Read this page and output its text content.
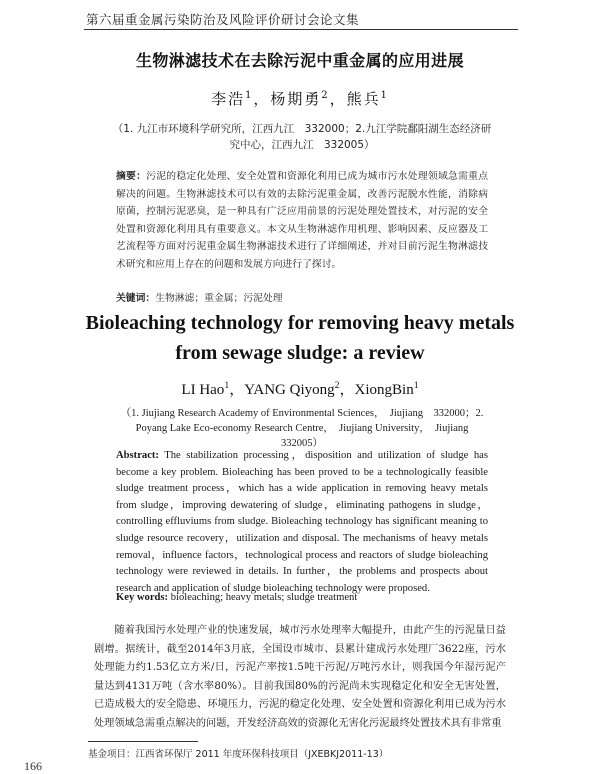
第六届重金属污染防治及风险评价研讨会论文集
生物淋滤技术在去除污泥中重金属的应用进展
李浩$^1$，杨期勇$^2$，熊兵$^1$
（1. 九江市环境科学研究所，江西九江　332000；2.九江学院鄱阳湖生态经济研究中心，江西九江　332005）
摘要：污泥的稳定化处理、安全处置和资源化利用已成为城市污水处理领域急需重点解决的问题。生物淋滤技术可以有效的去除污泥重金属，改善污泥脱水性能，消除病原菌，控制污泥恶臭，是一种具有广泛应用前景的污泥处理处置技术，对污泥的安全处置和资源化利用具有重要意义。本文从生物淋滤作用机理、影响因素、反应器及工艺流程等方面对污泥重金属生物淋滤技术进行了详细阐述，并对目前污泥生物淋滤技术研究和应用上存在的问题和发展方向进行了探讨。
关键词：生物淋滤；重金属；污泥处理
Bioleaching technology for removing heavy metals
from sewage sludge: a review
LI Hao$^1$，YANG Qiyong$^2$，XiongBin$^1$
（1. Jiujiang Research Academy of Environmental Sciences，　Jiujiang　332000；2. Poyang Lake Eco-economy Research Centre，　Jiujiang University，　Jiujiang　332005）
Abstract: The stabilization processing，disposition and utilization of sludge has become a key problem. Bioleaching has been proved to be a technologically feasible sludge treatment process，which has a wide application in removing heavy metals from sludge，improving dewatering of sludge，eliminating pathogens in sludge，controlling effluviums from sludge. Bioleaching technology has significant meaning to sludge resource recovery，utilization and disposal. The mechanisms of heavy metals removal，influence factors，technological process and reactors of sludge bioleaching technology were reviewed in details. In further，the problems and prospects about research and application of sludge bioleaching technology were proposed.
Key words: bioleaching; heavy metals; sludge treatment
随着我国污水处理产业的快速发展，城市污水处理率大幅提升，由此产生的污泥量日益剧增。据统计，截至2014年3月底，全国设市城市、县累计建成污水处理厂3622座，污水处理能力约1.53亿立方米/日，污泥产率按1.5吨干污泥/万吨污水计，则我国今年湿污泥产量达到4131万吨（含水率80%）。目前我国80%的污泥尚未实现稳定化和安全无害处置，已造成极大的安全隐患、环境压力，污泥的稳定化处理、安全处置和资源化利用已成为污水处理领域急需重点解决的问题，开发经济高效的资源化无害化污泥最终处置技术具有非常重
基金项目：江西省环保厅 2011 年度环保科技项目（JXEBKJ2011-13）
166
